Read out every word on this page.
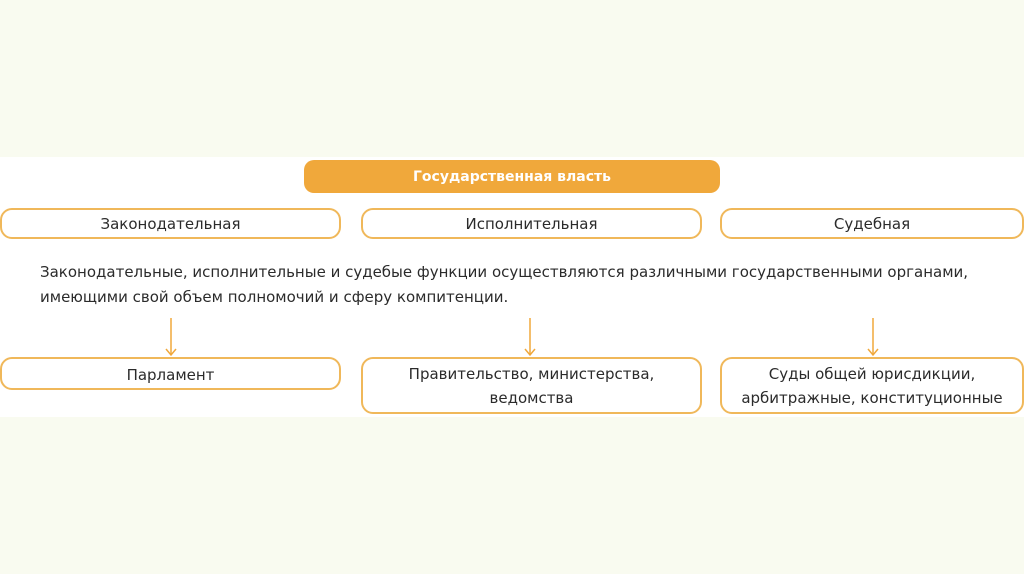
Государственная власть
Законодательная	Исполнительная	Судебная
Законодательные, исполнительные и судебые функции осуществляются различными государственными органами, имеющими свой объем полномочий и сферу компитенции.
Парламент	Правительство, министерства,
ведомства
Суды общей юрисдикции,
арбитражные, конституционные
